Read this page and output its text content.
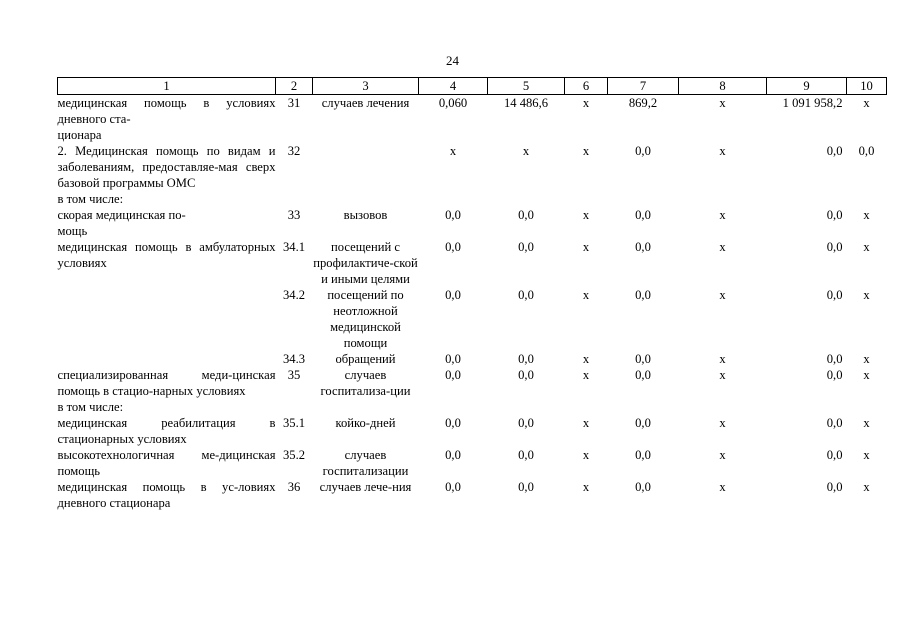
24
1	2	3	4	5	6	7	8	9	10
медицинская помощь в условиях дневного ста-
ционара	31	случаев лечения	0,060	14 486,6	x	869,2	x	1 091 958,2	x
2. Медицинская помощь по видам и заболеваниям, предоставляе-мая сверх базовой программы ОМС	32		x	x	x	0,0	x	0,0	0,0
в том числе:									
скорая медицинская по-
мощь	33	вызовов	0,0	0,0	x	0,0	x	0,0	x
медицинская помощь в амбулаторных условиях	34.1	посещений с профилактиче-ской и иными целями	0,0	0,0	x	0,0	x	0,0	x
	34.2	посещений по неотложной медицинской помощи	0,0	0,0	x	0,0	x	0,0	x
	34.3	обращений	0,0	0,0	x	0,0	x	0,0	x
специализированная меди-цинская помощь в стацио-нарных условиях	35	случаев госпитализа-ции	0,0	0,0	x	0,0	x	0,0	x
в том числе:									
медицинская реабилитация в стационарных условиях	35.1	койко-дней	0,0	0,0	x	0,0	x	0,0	x
высокотехнологичная ме-дицинская помощь	35.2	случаев госпитализации	0,0	0,0	x	0,0	x	0,0	x
медицинская помощь в ус-ловиях дневного стационара	36	случаев лече-ния	0,0	0,0	x	0,0	x	0,0	x
